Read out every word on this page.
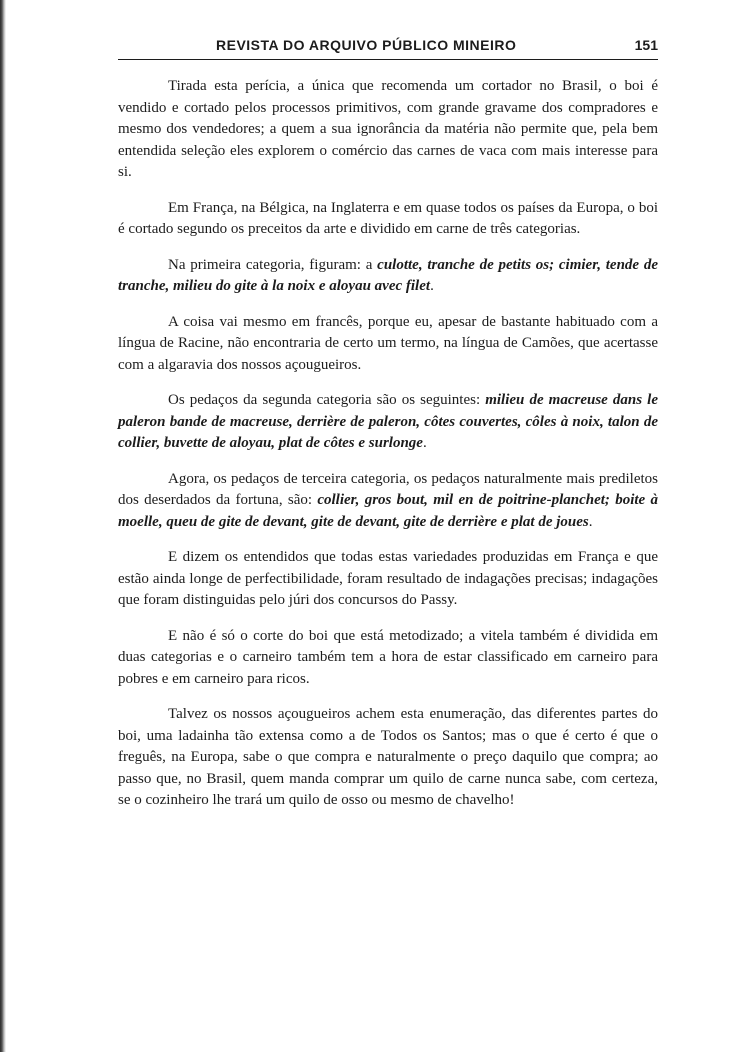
REVISTA DO ARQUIVO PÚBLICO MINEIRO	151

Tirada esta perícia, a única que recomenda um cortador no Brasil, o boi é vendido e cortado pelos processos primitivos, com grande gravame dos compradores e mesmo dos vendedores; a quem a sua ignorância da matéria não permite que, pela bem entendida seleção eles explorem o comércio das carnes de vaca com mais interesse para si.

Em França, na Bélgica, na Inglaterra e em quase todos os países da Europa, o boi é cortado segundo os preceitos da arte e dividido em carne de três categorias.

Na primeira categoria, figuram: a culotte, tranche de petits os; cimier, tende de tranche, milieu do gite à la noix e aloyau avec filet.

A coisa vai mesmo em francês, porque eu, apesar de bastante habituado com a língua de Racine, não encontraria de certo um termo, na língua de Camões, que acertasse com a algaravia dos nossos açougueiros.

Os pedaços da segunda categoria são os seguintes: milieu de macreuse dans le paleron bande de macreuse, derrière de paleron, côtes couvertes, côles à noix, talon de collier, buvette de aloyau, plat de côtes e surlonge.

Agora, os pedaços de terceira categoria, os pedaços naturalmente mais prediletos dos deserdados da fortuna, são: collier, gros bout, mil en de poitrine-planchet; boite à moelle, queu de gite de devant, gite de devant, gite de derrière e plat de joues.

E dizem os entendidos que todas estas variedades produzidas em França e que estão ainda longe de perfectibilidade, foram resultado de indagações precisas; indagações que foram distinguidas pelo júri dos concursos do Passy.

E não é só o corte do boi que está metodizado; a vitela também é dividida em duas categorias e o carneiro também tem a hora de estar classificado em carneiro para pobres e em carneiro para ricos.

Talvez os nossos açougueiros achem esta enumeração, das diferentes partes do boi, uma ladainha tão extensa como a de Todos os Santos; mas o que é certo é que o freguês, na Europa, sabe o que compra e naturalmente o preço daquilo que compra; ao passo que, no Brasil, quem manda comprar um quilo de carne nunca sabe, com certeza, se o cozinheiro lhe trará um quilo de osso ou mesmo de chavelho!
